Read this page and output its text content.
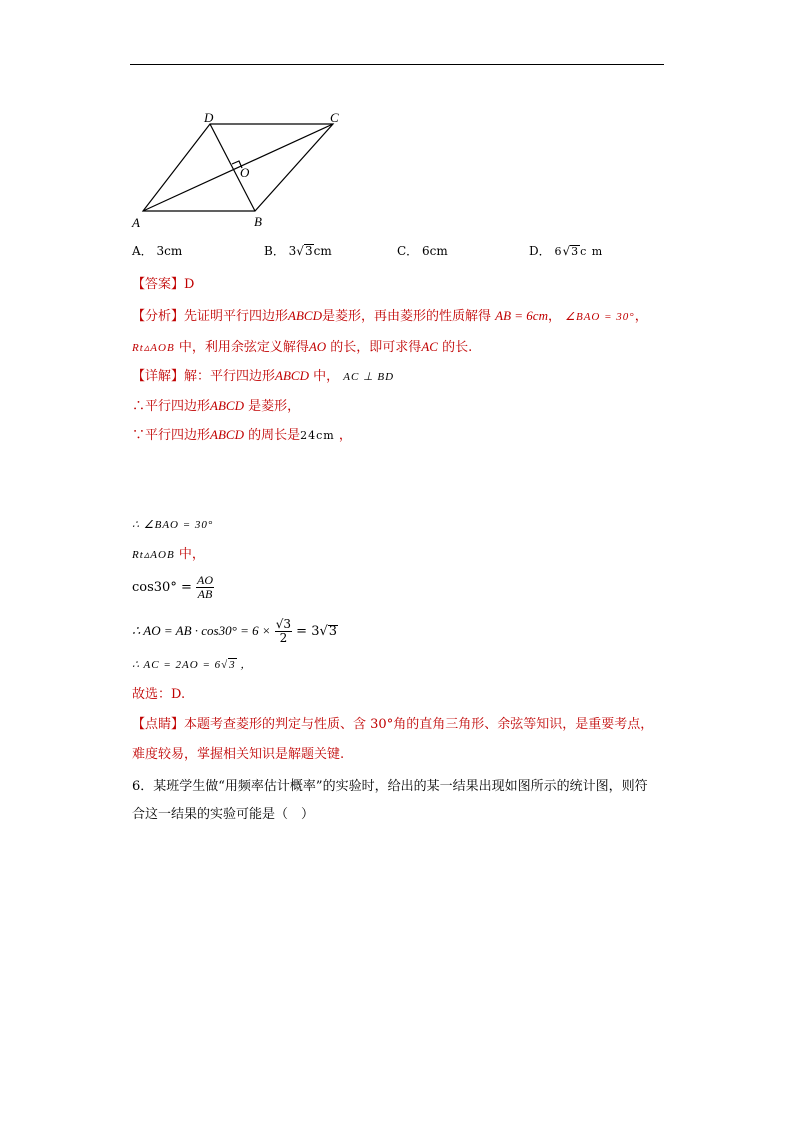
A	B
C
D
O
A． 3cm	B． 3√3cm	C． 6cm	D． 6√3c m
【答案】D
【分析】先证明平行四边形ABCD是菱形，再由菱形的性质解得 AB = 6cm， ∠BAO = 30°，
Rt▵AOB 中，利用余弦定义解得AO 的长，即可求得AC 的长.
【详解】解：平行四边形ABCD 中， AC ⊥ BD
∴平行四边形ABCD 是菱形，
∵平行四边形ABCD 的周长是24cm ，
∴ ∠BAO = 30°
Rt▵AOB 中，
$\cos 30^\circ = \frac{AO}{AB}$
∴ AO = AB · $\cos 30^\circ = 6 \times \frac{√3}{2} = 3√3$
∴ AC = 2AO = 6√3 ，
故选：D.
【点睛】本题考查菱形的判定与性质、含 30°角的直角三角形、余弦等知识，是重要考点，
难度较易，掌握相关知识是解题关键.
6．某班学生做“用频率估计概率”的实验时，给出的某一结果出现如图所示的统计图，则符
合这一结果的实验可能是（　）
